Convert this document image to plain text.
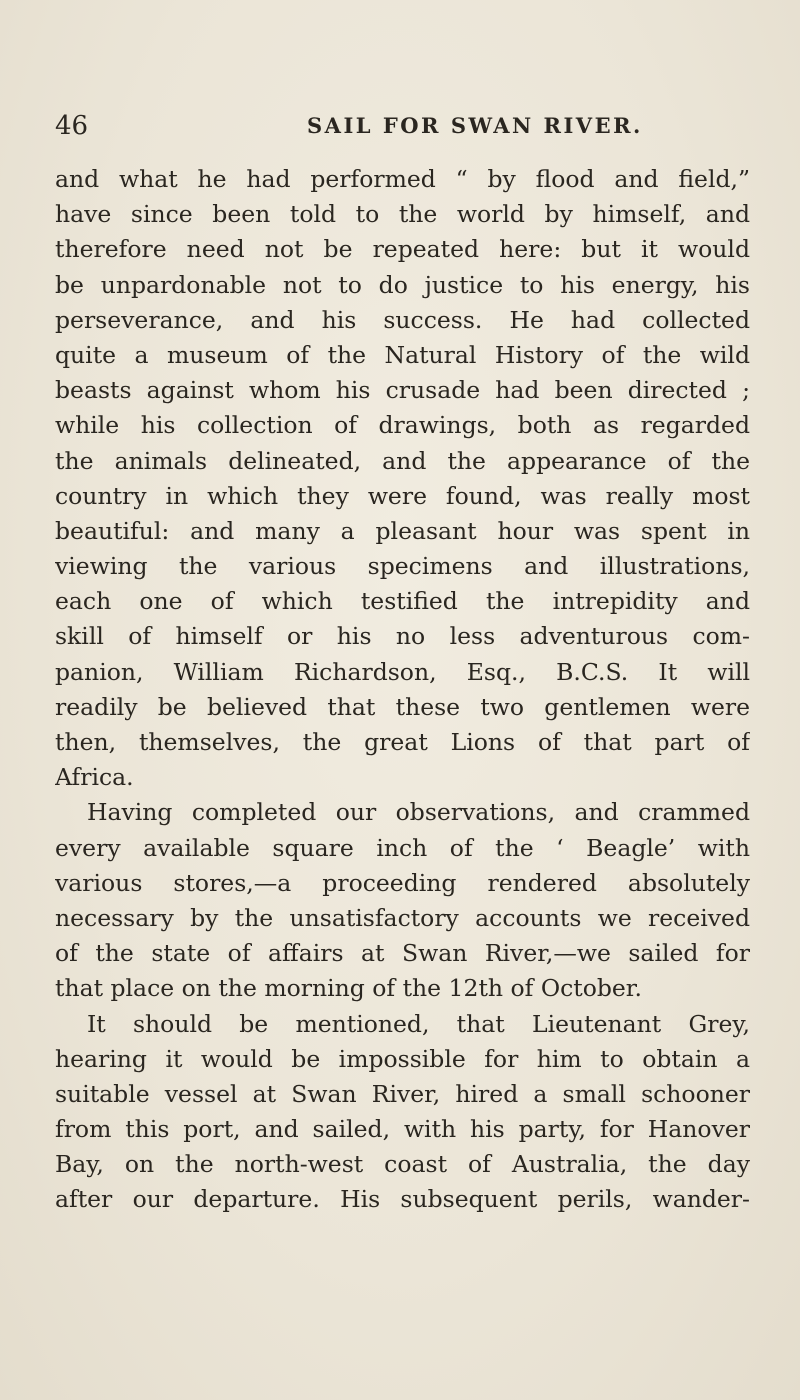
46	SAIL FOR SWAN RIVER.
and what he had performed “ by flood and field,”
have since been told to the world by himself, and
therefore need not be repeated here: but it would
be unpardonable not to do justice to his energy, his
perseverance, and his success. He had collected
quite a museum of the Natural History of the wild
beasts against whom his crusade had been directed ;
while his collection of drawings, both as regarded
the animals delineated, and the appearance of the
country in which they were found, was really most
beautiful: and many a pleasant hour was spent in
viewing the various specimens and illustrations,
each one of which testified the intrepidity and
skill of himself or his no less adventurous com-
panion, William Richardson, Esq., B.C.S. It will
readily be believed that these two gentlemen were
then, themselves, the great Lions of that part of
Africa.
Having completed our observations, and crammed
every available square inch of the ‘ Beagle’ with
various stores,—a proceeding rendered absolutely
necessary by the unsatisfactory accounts we received
of the state of affairs at Swan River,—we sailed for
that place on the morning of the 12th of October.
It should be mentioned, that Lieutenant Grey,
hearing it would be impossible for him to obtain a
suitable vessel at Swan River, hired a small schooner
from this port, and sailed, with his party, for Hanover
Bay, on the north-west coast of Australia, the day
after our departure. His subsequent perils, wander-
